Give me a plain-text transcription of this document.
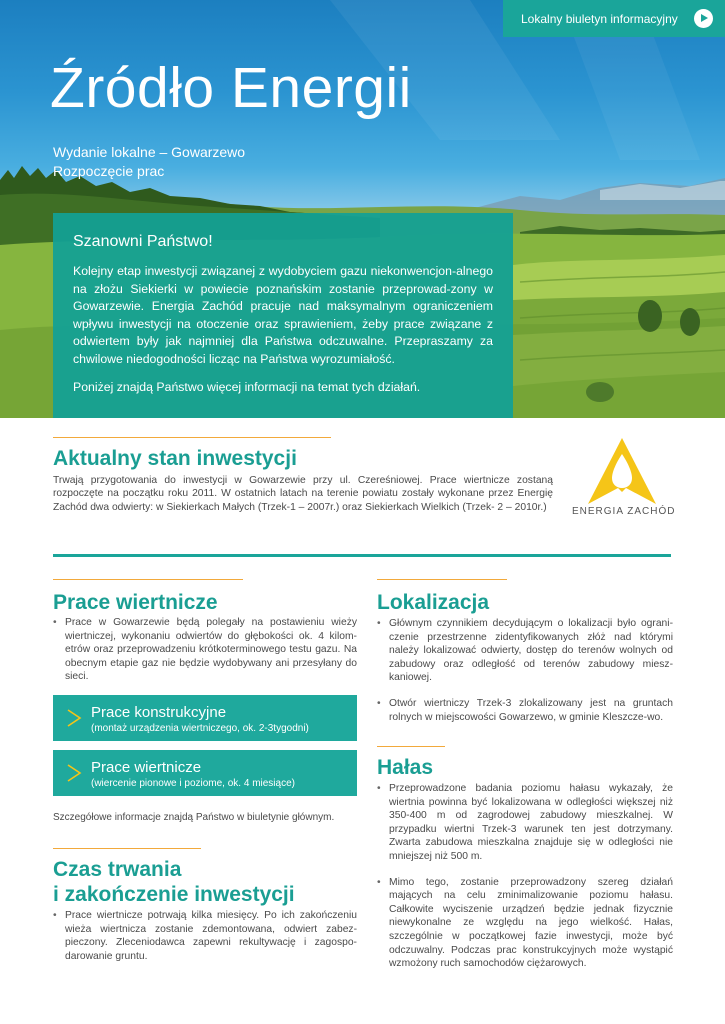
Lokalny biuletyn informacyjny
Źródło Energii
Wydanie lokalne – Gowarzewo
Rozpoczęcie prac
Szanowni Państwo!

Kolejny etap inwestycji związanej z wydobyciem gazu niekonwencjon-alnego na złożu Siekierki w powiecie poznańskim zostanie przeprowad-zony w Gowarzewie. Energia Zachód pracuje nad maksymalnym ograniczeniem wpływu inwestycji na otoczenie oraz sprawieniem, żeby prace związane z odwiertem były jak najmniej dla Państwa odczuwalne. Przepraszamy za chwilowe niedogodności licząc na Państwa wyrozumiałość.

Poniżej znajdą Państwo więcej informacji na temat tych działań.

Aktualny stan inwestycji

Trwają przygotowania do inwestycji w Gowarzewie przy ul. Czereśniowej. Prace wiertnicze zostaną rozpoczęte na początku roku 2011. W ostatnich latach na terenie powiatu zostały wykonane przez Energię Zachód dwa odwierty: w Siekierkach Małych (Trzek-1 – 2007r.) oraz Siekierkach Wielkich (Trzek- 2 – 2010r.)	ENERGIA ZACHÓD
Prace wiertnicze
• Prace w Gowarzewie będą polegały na postawieniu wieży wiertniczej, wykonaniu odwiertów do głębokości ok. 4 kilom-etrów oraz przeprowadzeniu krótkoterminowego testu gazu. Na obecnym etapie gaz nie będzie wydobywany ani przesyłany do sieci.
Prace konstrukcyjne
(montaż urządzenia wiertniczego, ok. 2-3tygodni)
Prace wiertnicze
(wiercenie pionowe i poziome, ok. 4 miesiące)
Szczegółowe informacje znajdą Państwo w biuletynie głównym.
Czas trwania
i zakończenie inwestycji
• Prace wiertnicze potrwają kilka miesięcy. Po ich zakończeniu wieża wiertnicza zostanie zdemontowana, odwiert zabez-pieczony. Zleceniodawca zapewni rekultywację i zagospo-darowanie gruntu.
Lokalizacja
• Głównym czynnikiem decydującym o lokalizacji było ograni-czenie przestrzenne zidentyfikowanych złóż nad którymi należy lokalizować odwierty, dostęp do terenów wolnych od zabudowy oraz odległość od terenów zabudowy miesz-kaniowej.
• Otwór wiertniczy Trzek-3 zlokalizowany jest na gruntach rolnych w miejscowości Gowarzewo, w gminie Kleszcze-wo.
Hałas
• Przeprowadzone badania poziomu hałasu wykazały, że wiertnia powinna być lokalizowana w odległości większej niż 350-400 m od zagrodowej zabudowy mieszkalnej. W przypadku wiertni Trzek-3 warunek ten jest dotrzymany. Zwarta zabudowa mieszkalna znajduje się w odległości nie mniejszej niż 500 m.
• Mimo tego, zostanie przeprowadzony szereg działań mających na celu zminimalizowanie poziomu hałasu. Całkowite wyciszenie urządzeń będzie jednak fizycznie niewykonalne ze względu na jego wielkość. Hałas, szczególnie w początkowej fazie inwestycji, może być odczuwalny. Podczas prac konstrukcyjnych może wystąpić wzmożony ruch samochodów ciężarowych.
